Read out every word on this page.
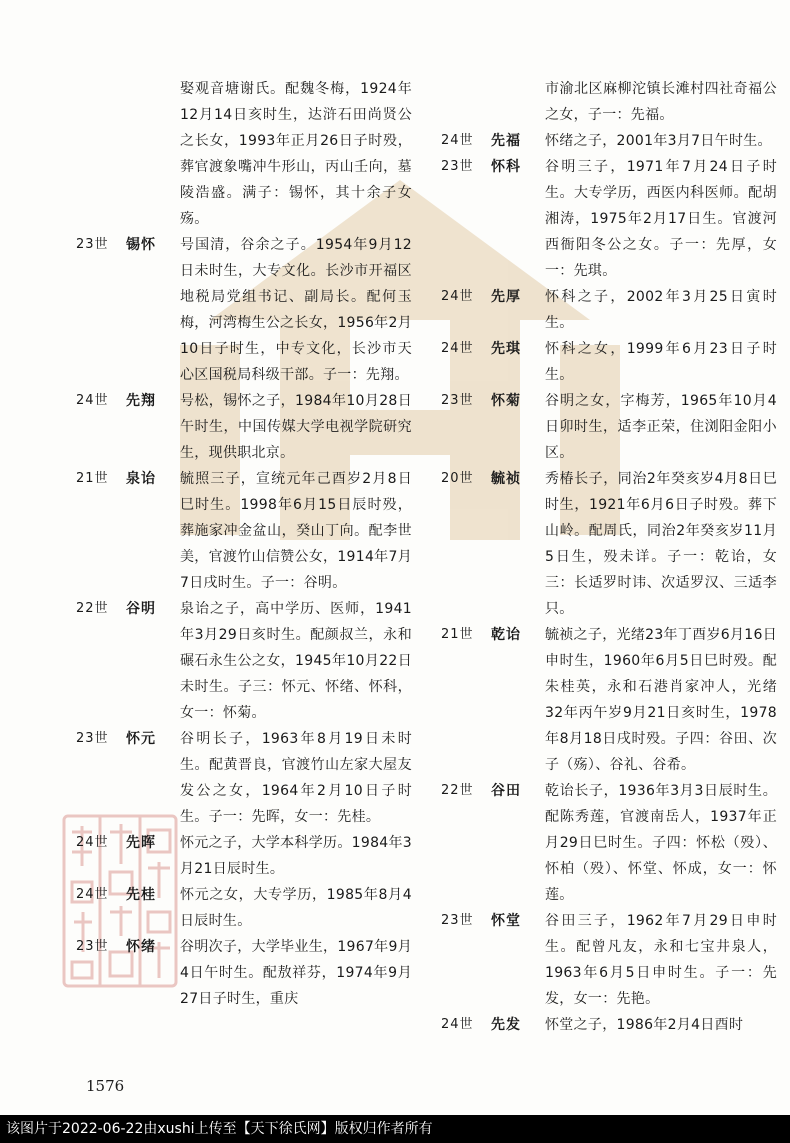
娶观音塘谢氏。配魏冬梅，1924年12月14日亥时生，达浒石田尚贤公之长女，1993年正月26日子时殁，葬官渡象嘴冲牛形山，丙山壬向，墓陵浩盛。满子：锡怀，其十余子女殇。
23世	锡怀	号国清，谷余之子。1954年9月12日未时生，大专文化。长沙市开福区地税局党组书记、副局长。配何玉梅，河湾梅生公之长女，1956年2月10日子时生，中专文化，长沙市天心区国税局科级干部。子一：先翔。
24世	先翔	号松，锡怀之子，1984年10月28日午时生，中国传媒大学电视学院研究生，现供职北京。
21世	泉诒	毓照三子，宣统元年己酉岁2月8日巳时生。1998年6月15日辰时殁，葬施家冲金盆山，癸山丁向。配李世美，官渡竹山信赞公女，1914年7月7日戌时生。子一：谷明。
22世	谷明	泉诒之子，高中学历、医师，1941年3月29日亥时生。配颜叔兰，永和碾石永生公之女，1945年10月22日未时生。子三：怀元、怀绪、怀科，女一：怀菊。
23世	怀元	谷明长子，1963年8月19日未时生。配黄晋良，官渡竹山左家大屋友发公之女，1964年2月10日子时生。子一：先晖，女一：先桂。
24世	先晖	怀元之子，大学本科学历。1984年3月21日辰时生。
24世	先桂	怀元之女，大专学历，1985年8月4日辰时生。
23世	怀绪	谷明次子，大学毕业生，1967年9月4日午时生。配敖祥芬，1974年9月27日子时生，重庆
市渝北区麻柳沱镇长滩村四社奇福公之女，子一：先福。
24世	先福	怀绪之子，2001年3月7日午时生。
23世	怀科	谷明三子，1971年7月24日子时生。大专学历，西医内科医师。配胡湘涛，1975年2月17日生。官渡河西衙阳冬公之女。子一：先厚，女一：先琪。
24世	先厚	怀科之子，2002年3月25日寅时生。
24世	先琪	怀科之女，1999年6月23日子时生。
23世	怀菊	谷明之女，字梅芳，1965年10月4日卯时生，适李正荣，住浏阳金阳小区。
20世	毓祯	秀椿长子，同治2年癸亥岁4月8日巳时生，1921年6月6日子时殁。葬下山岭。配周氏，同治2年癸亥岁11月5日生，殁未详。子一：乾诒，女三：长适罗时讳、次适罗汉、三适李只。
21世	乾诒	毓祯之子，光绪23年丁酉岁6月16日申时生，1960年6月5日巳时殁。配朱桂英，永和石港肖家冲人，光绪32年丙午岁9月21日亥时生，1978年8月18日戌时殁。子四：谷田、次子（殇）、谷礼、谷希。
22世	谷田	乾诒长子，1936年3月3日辰时生。配陈秀莲，官渡南岳人，1937年正月29日巳时生。子四：怀松（殁）、怀柏（殁）、怀堂、怀成，女一：怀莲。
23世	怀堂	谷田三子，1962年7月29日申时生。配曾凡友，永和七宝井泉人，1963年6月5日申时生。子一：先发，女一：先艳。
24世	先发	怀堂之子，1986年2月4日酉时
1576
该图片于2022-06-22由xushi上传至【天下徐氏网】版权归作者所有
